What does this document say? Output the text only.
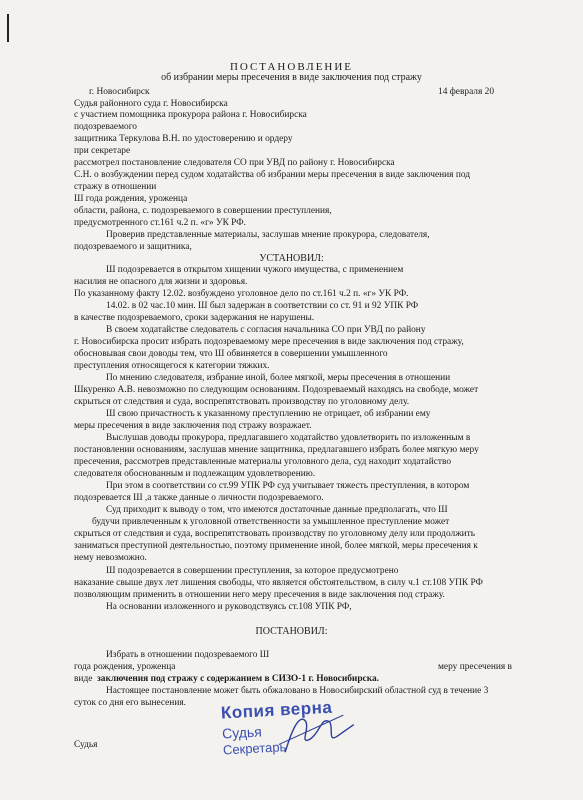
ПОСТАНОВЛЕНИЕ
об избрании меры пресечения в виде заключения под стражу
г. Новосибирск	14 февраля 20
Судья районного суда г. Новосибирска
с участием помощника прокурора района г. Новосибирска
подозреваемого
защитника Теркулова В.Н. по удостоверению и ордеру
при секретаре
рассмотрел постановление следователя СО при УВД по району г. Новосибирска
С.Н. о возбуждении перед судом ходатайства об избрании меры пресечения в виде заключения под
стражу в отношении
Ш года рождения, уроженца
области, района, с. подозреваемого в совершении преступления,
предусмотренного ст.161 ч.2 п. «г» УК РФ.
Проверив представленные материалы, заслушав мнение прокурора, следователя,
подозреваемого и защитника,
УСТАНОВИЛ:
Ш подозревается в открытом хищении чужого имущества, с применением
насилия не опасного для жизни и здоровья.
По указанному факту 12.02. возбуждено уголовное дело по ст.161 ч.2 п. «г» УК РФ.
14.02. в 02 час.10 мин. Ш был задержан в соответствии со ст. 91 и 92 УПК РФ
в качестве подозреваемого, сроки задержания не нарушены.
В своем ходатайстве следователь с согласия начальника СО при УВД по району
г. Новосибирска просит избрать подозреваемому мере пресечения в виде заключения под стражу,
обосновывая свои доводы тем, что Ш обвиняется в совершении умышленного
преступления относящегося к категории тяжких.
По мнению следователя, избрание иной, более мягкой, меры пресечения в отношении
Шкуренко А.В. невозможно по следующим основаниям. Подозреваемый находясь на свободе, может
скрыться от следствия и суда, воспрепятствовать производству по уголовному делу.
Ш свою причастность к указанному преступлению не отрицает, об избрании ему
меры пресечения в виде заключения под стражу возражает.
Выслушав доводы прокурора, предлагавшего ходатайство удовлетворить по изложенным в
постановлении основаниям, заслушав мнение защитника, предлагавшего избрать более мягкую меру
пресечения, рассмотрев представленные материалы уголовного дела, суд находит ходатайство
следователя обоснованным и подлежащим удовлетворению.
При этом в соответствии со ст.99 УПК РФ суд учитывает тяжесть преступления, в котором
подозревается Ш ,а также данные о личности подозреваемого.
Суд приходит к выводу о том, что имеются достаточные данные предполагать, что Ш
будучи привлеченным к уголовной ответственности за умышленное преступление может
скрыться от следствия и суда, воспрепятствовать производству по уголовному делу или продолжить
заниматься преступной деятельностью, поэтому применение иной, более мягкой, меры пресечения к
нему невозможно.
Ш подозревается в совершении преступления, за которое предусмотрено
наказание свыше двух лет лишения свободы, что является обстоятельством, в силу ч.1 ст.108 УПК РФ
позволяющим применить в отношении него меру пресечения в виде заключения под стражу.
На основании изложенного и руководствуясь ст.108 УПК РФ,
ПОСТАНОВИЛ:
Избрать в отношении подозреваемого Ш
года рождения, уроженца	меру пресечения в
виде заключения под стражу с содержанием в СИЗО-1 г. Новосибирска.
Настоящее постановление может быть обжаловано в Новосибирский областной суд в течение 3
суток со дня его вынесения.
Судья
Копия верна
Судья
Секретарь
